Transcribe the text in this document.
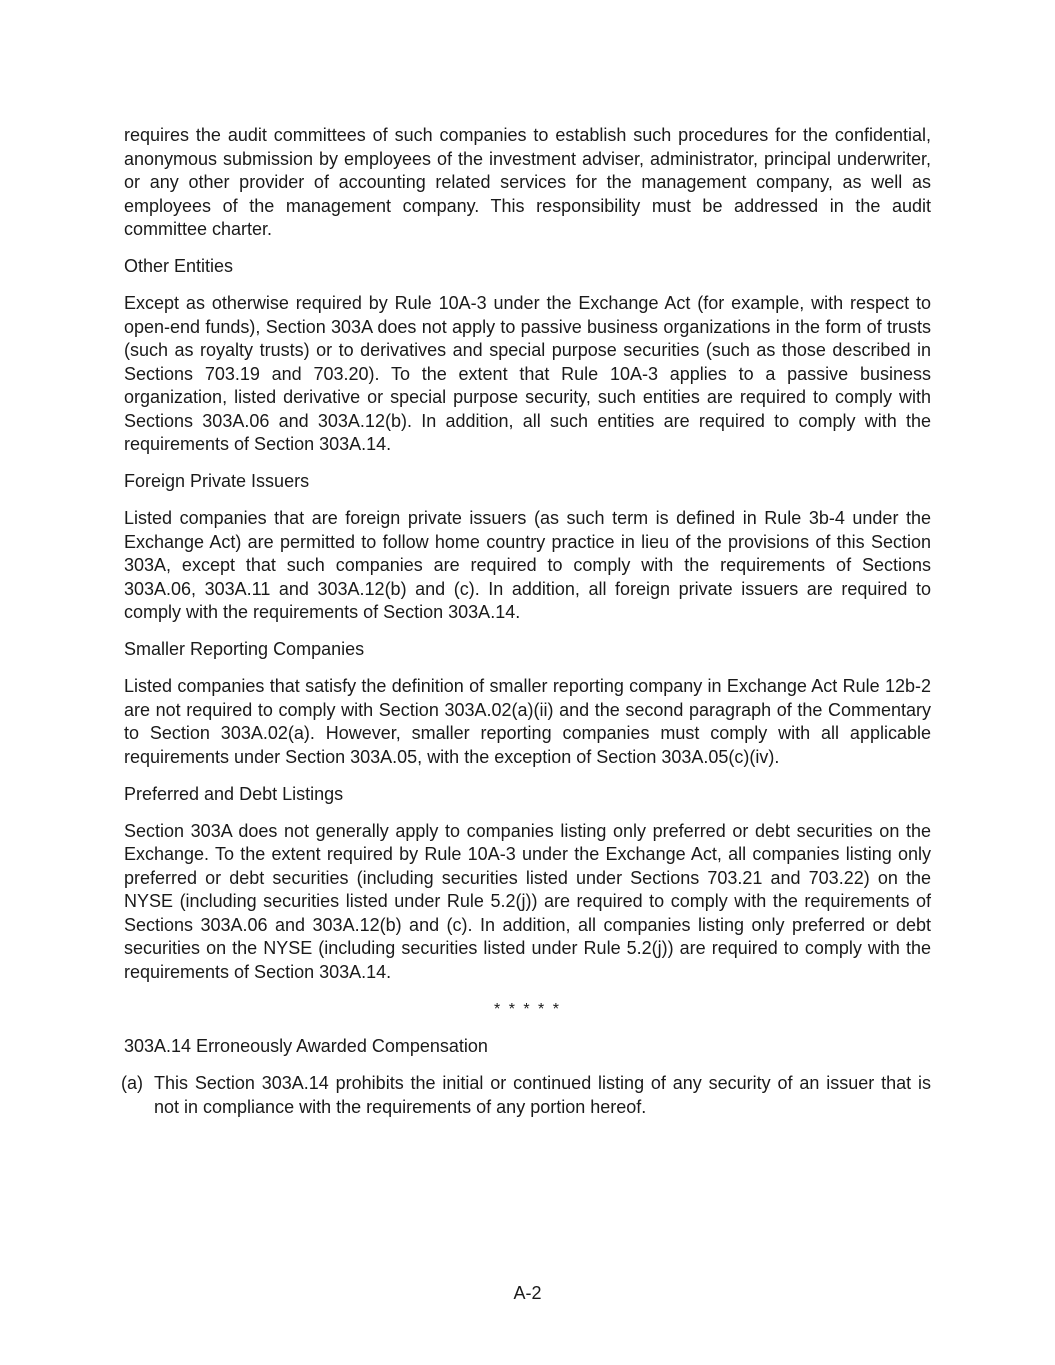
requires the audit committees of such companies to establish such procedures for the confidential, anonymous submission by employees of the investment adviser, administrator, principal underwriter, or any other provider of accounting related services for the management company, as well as employees of the management company. This responsibility must be addressed in the audit committee charter.

Other Entities

Except as otherwise required by Rule 10A-3 under the Exchange Act (for example, with respect to open-end funds), Section 303A does not apply to passive business organizations in the form of trusts (such as royalty trusts) or to derivatives and special purpose securities (such as those described in Sections 703.19 and 703.20). To the extent that Rule 10A-3 applies to a passive business organization, listed derivative or special purpose security, such entities are required to comply with Sections 303A.06 and 303A.12(b). In addition, all such entities are required to comply with the requirements of Section 303A.14.

Foreign Private Issuers

Listed companies that are foreign private issuers (as such term is defined in Rule 3b-4 under the Exchange Act) are permitted to follow home country practice in lieu of the provisions of this Section 303A, except that such companies are required to comply with the requirements of Sections 303A.06, 303A.11 and 303A.12(b) and (c). In addition, all foreign private issuers are required to comply with the requirements of Section 303A.14.

Smaller Reporting Companies

Listed companies that satisfy the definition of smaller reporting company in Exchange Act Rule 12b-2 are not required to comply with Section 303A.02(a)(ii) and the second paragraph of the Commentary to Section 303A.02(a). However, smaller reporting companies must comply with all applicable requirements under Section 303A.05, with the exception of Section 303A.05(c)(iv).

Preferred and Debt Listings

Section 303A does not generally apply to companies listing only preferred or debt securities on the Exchange. To the extent required by Rule 10A-3 under the Exchange Act, all companies listing only preferred or debt securities (including securities listed under Sections 703.21 and 703.22) on the NYSE (including securities listed under Rule 5.2(j)) are required to comply with the requirements of Sections 303A.06 and 303A.12(b) and (c). In addition, all companies listing only preferred or debt securities on the NYSE (including securities listed under Rule 5.2(j)) are required to comply with the requirements of Section 303A.14.

* * * * *

303A.14 Erroneously Awarded Compensation

(a) This Section 303A.14 prohibits the initial or continued listing of any security of an issuer that is not in compliance with the requirements of any portion hereof.
A-2
